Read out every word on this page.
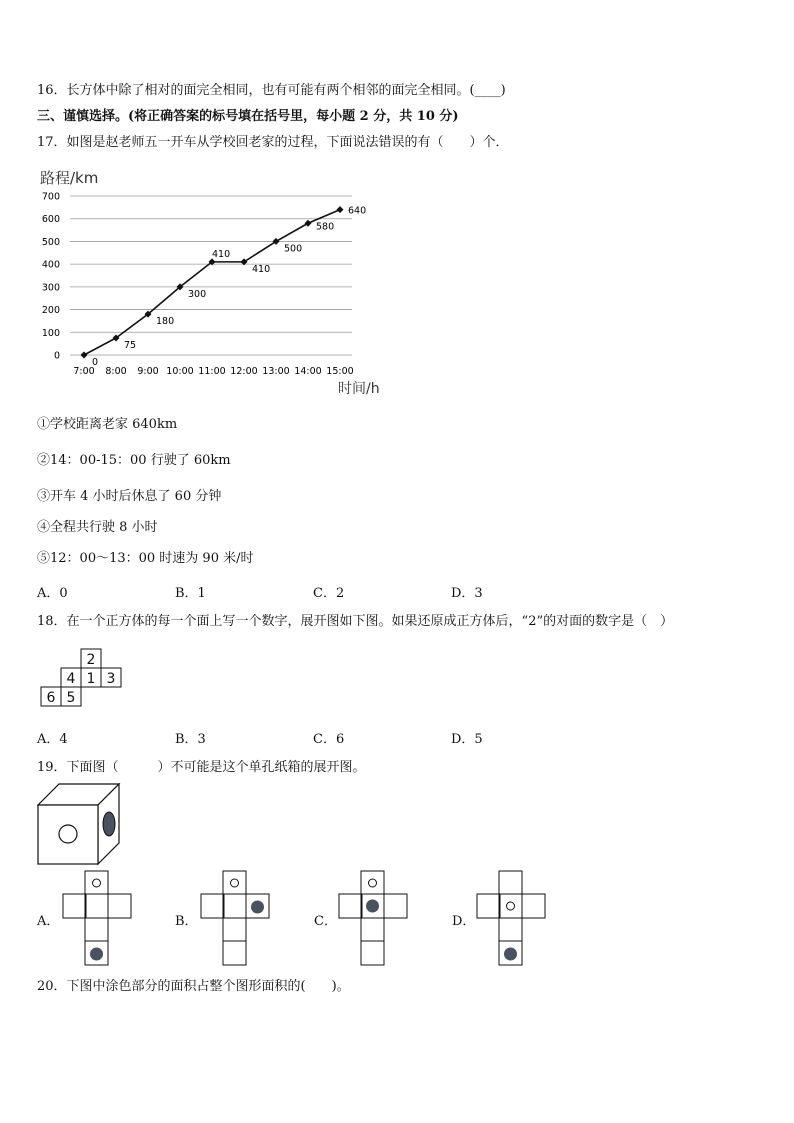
16．长方体中除了相对的面完全相同，也有可能有两个相邻的面完全相同。(____)
三、谨慎选择。(将正确答案的标号填在括号里，每小题 2 分，共 10 分)
17．如图是赵老师五一开车从学校回老家的过程，下面说法错误的有（　　）个．
路程/km
时间/h
0
100
200
300
400
500
600
700
7:00 8:00 9:00 10:00 11:00 12:00 13:00 14:00 15:00
0
75
180
300
410
410
500
580
640
①学校距离老家 640km
②14：00-15：00 行驶了 60km
③开车 4 小时后休息了 60 分钟
④全程共行驶 8 小时
⑤12：00～13：00 时速为 90 米/时
A．0	B．1	C．2	D．3
18．在一个正方体的每一个面上写一个数字，展开图如下图。如果还原成正方体后，“2”的对面的数字是（　）
2
4 1 3
6 5
A．4	B．3	C．6	D．5
19．下面图（　　　）不可能是这个单孔纸箱的展开图。
A．	B．	C．	D．
20．下图中涂色部分的面积占整个图形面积的(　　)。
